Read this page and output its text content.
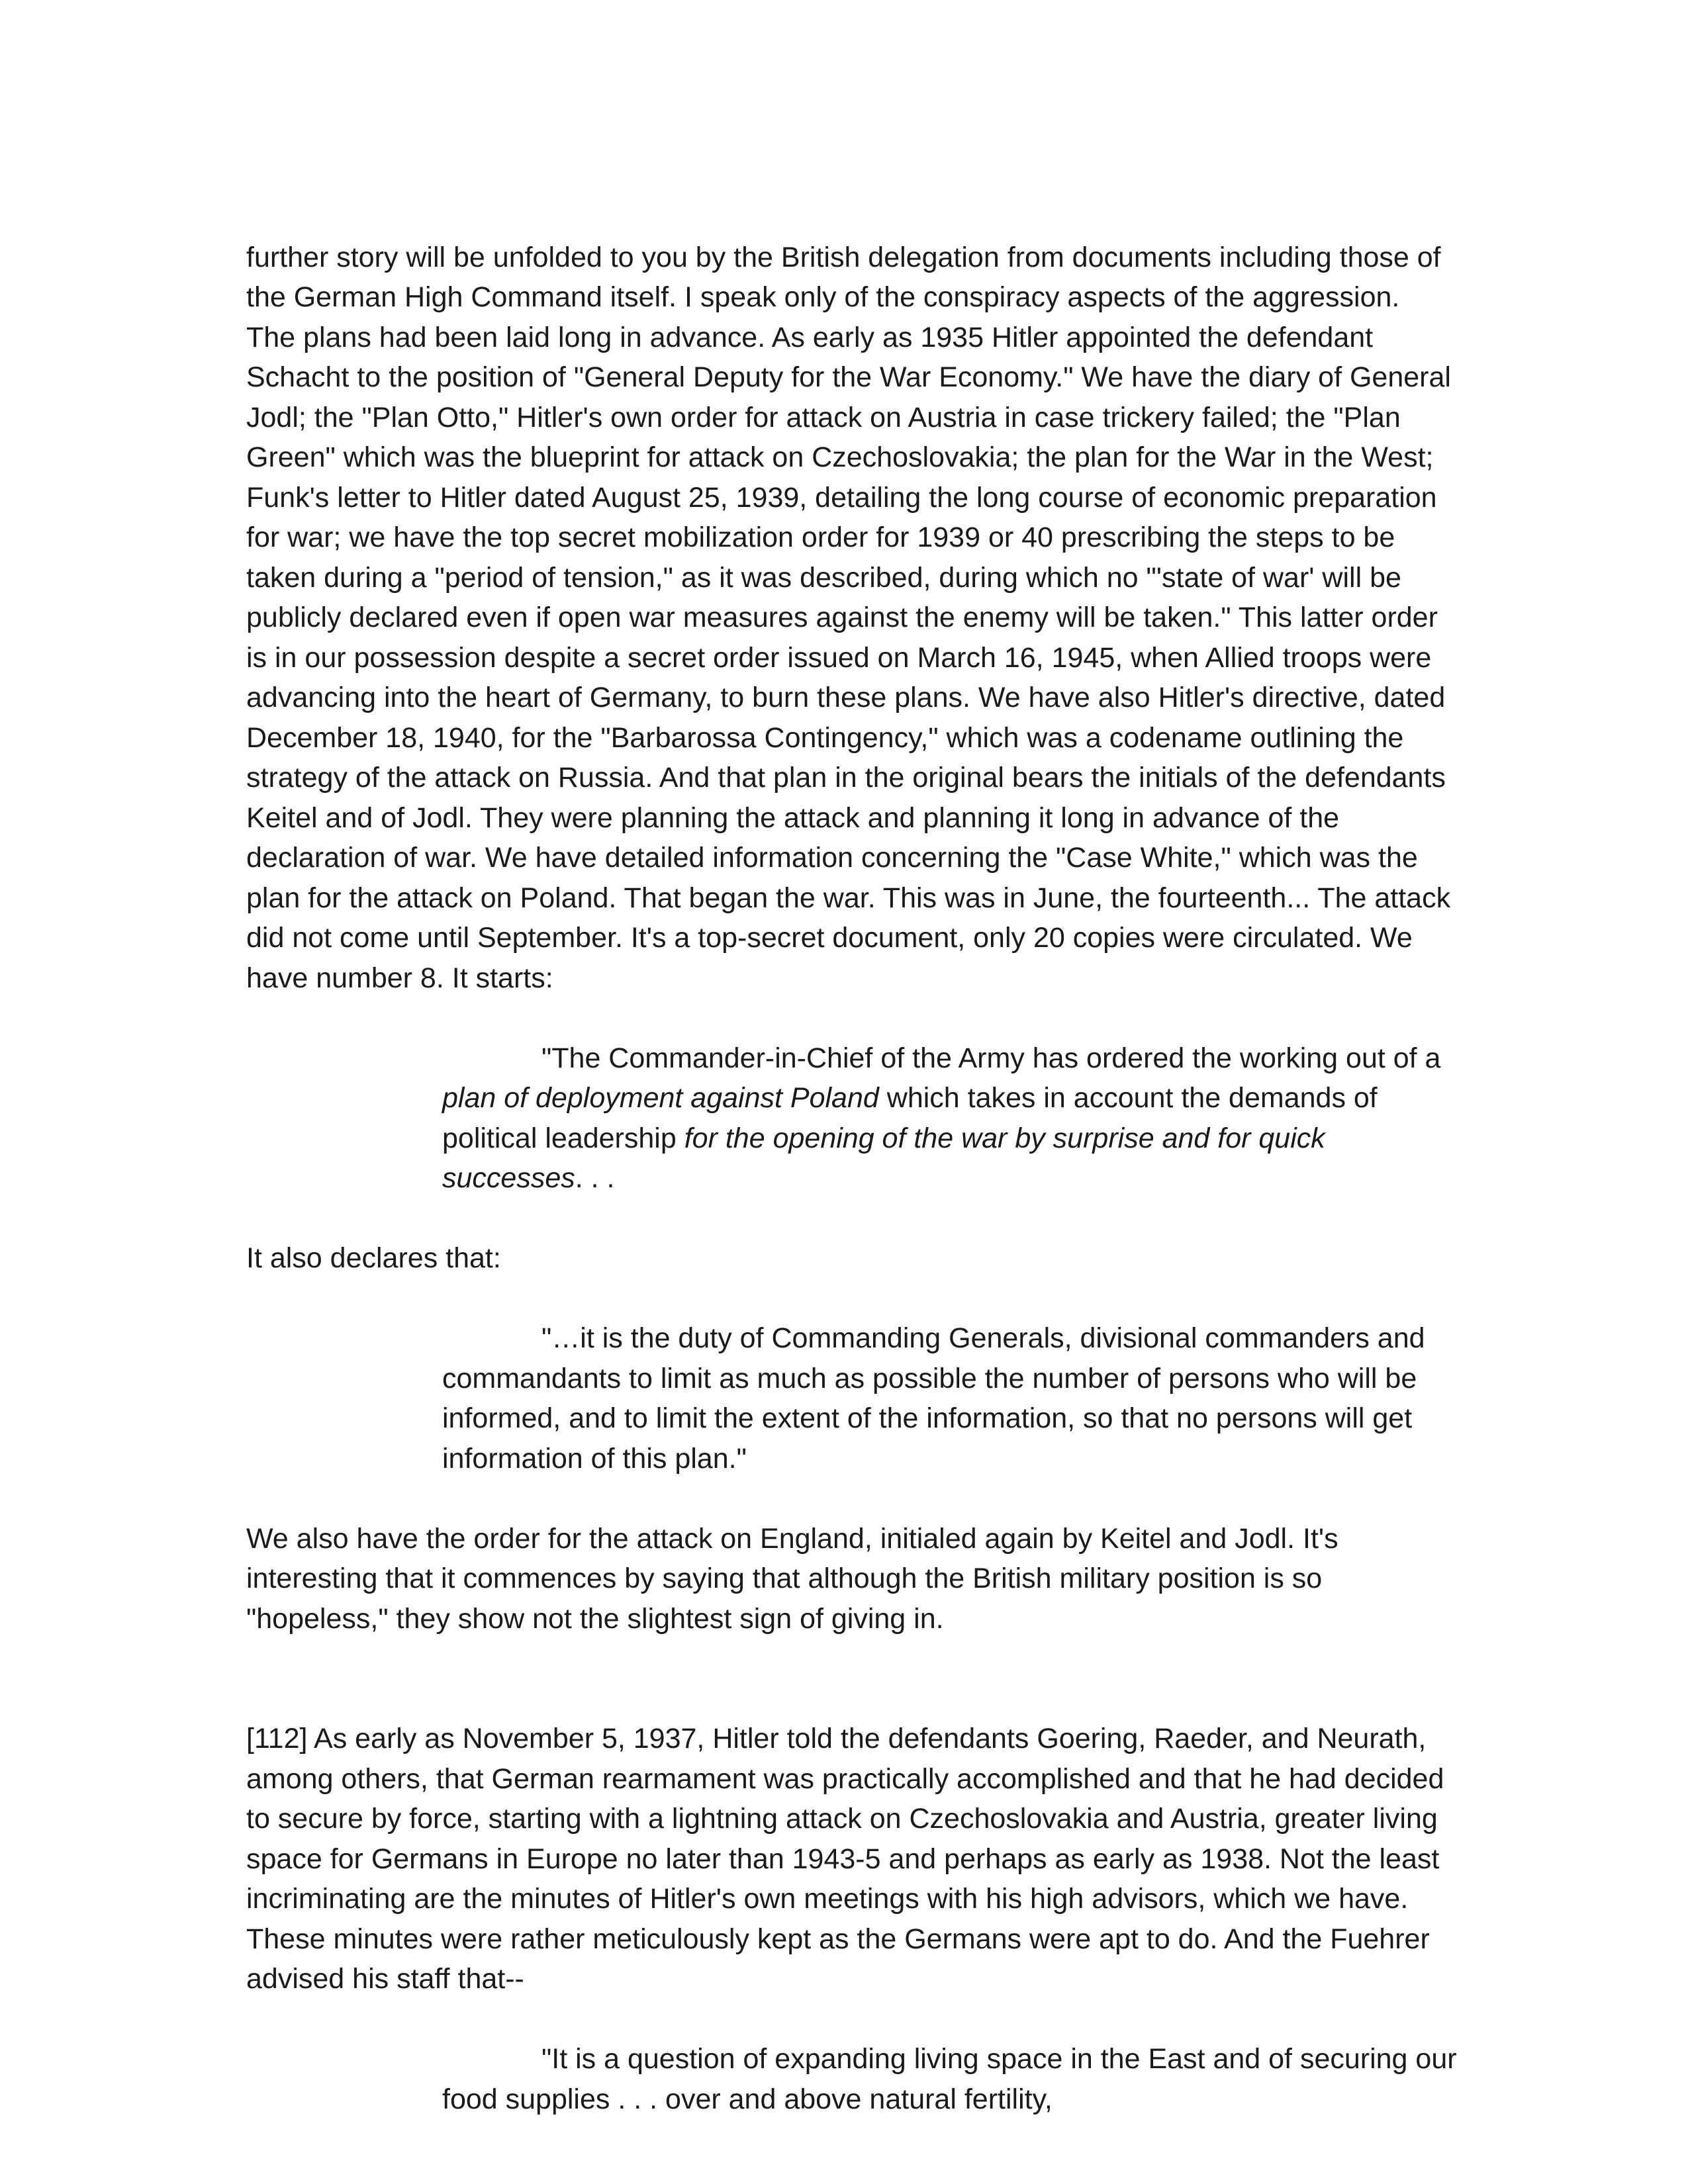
further story will be unfolded to you by the British delegation from documents including those of the German High Command itself. I speak only of the conspiracy aspects of the aggression. The plans had been laid long in advance. As early as 1935 Hitler appointed the defendant Schacht to the position of "General Deputy for the War Economy." We have the diary of General Jodl; the "Plan Otto," Hitler's own order for attack on Austria in case trickery failed; the "Plan Green" which was the blueprint for attack on Czechoslovakia; the plan for the War in the West; Funk's letter to Hitler dated August 25, 1939, detailing the long course of economic preparation for war; we have the top secret mobilization order for 1939 or 40 prescribing the steps to be taken during a "period of tension," as it was described, during which no "'state of war' will be publicly declared even if open war measures against the enemy will be taken." This latter order is in our possession despite a secret order issued on March 16, 1945, when Allied troops were advancing into the heart of Germany, to burn these plans. We have also Hitler's directive, dated December 18, 1940, for the "Barbarossa Contingency," which was a codename outlining the strategy of the attack on Russia. And that plan in the original bears the initials of the defendants Keitel and of Jodl. They were planning the attack and planning it long in advance of the declaration of war. We have detailed information concerning the "Case White," which was the plan for the attack on Poland. That began the war. This was in June, the fourteenth... The attack did not come until September. It's a top-secret document, only 20 copies were circulated. We have number 8. It starts:

"The Commander-in-Chief of the Army has ordered the working out of a plan of deployment against Poland which takes in account the demands of political leadership for the opening of the war by surprise and for quick successes. . .

It also declares that:

"…it is the duty of Commanding Generals, divisional commanders and commandants to limit as much as possible the number of persons who will be informed, and to limit the extent of the information, so that no persons will get information of this plan."

We also have the order for the attack on England, initialed again by Keitel and Jodl. It's interesting that it commences by saying that although the British military position is so "hopeless," they show not the slightest sign of giving in.

[112] As early as November 5, 1937, Hitler told the defendants Goering, Raeder, and Neurath, among others, that German rearmament was practically accomplished and that he had decided to secure by force, starting with a lightning attack on Czechoslovakia and Austria, greater living space for Germans in Europe no later than 1943-5 and perhaps as early as 1938. Not the least incriminating are the minutes of Hitler's own meetings with his high advisors, which we have. These minutes were rather meticulously kept as the Germans were apt to do. And the Fuehrer advised his staff that--

"It is a question of expanding living space in the East and of securing our food supplies . . . over and above natural fertility,
